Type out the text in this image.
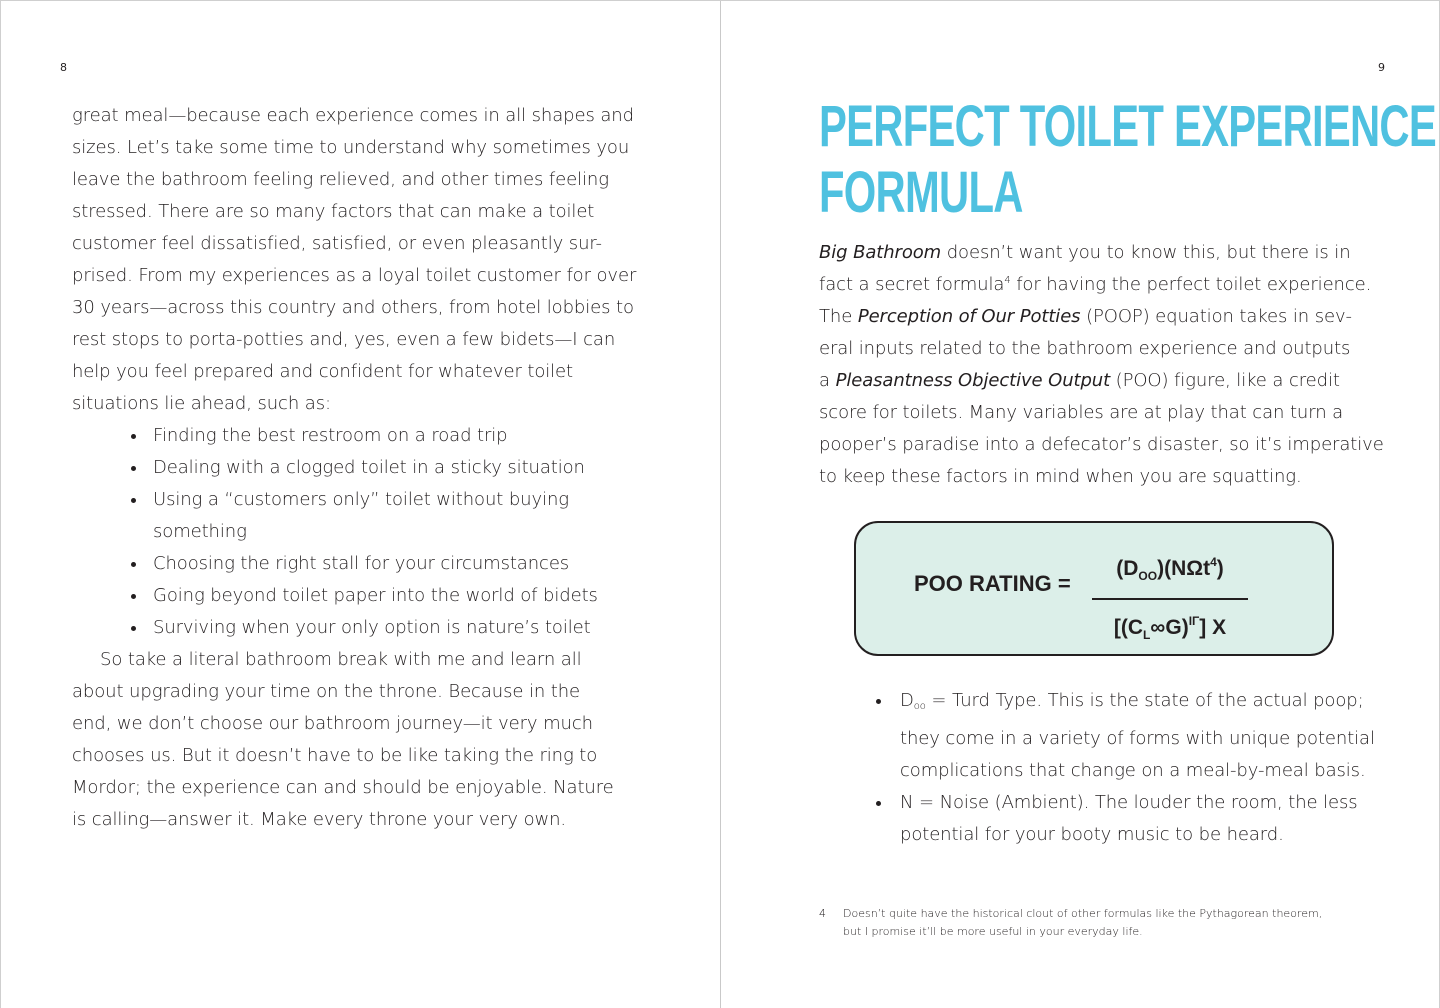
8

great meal—because each experience comes in all shapes and
sizes. Let’s take some time to understand why sometimes you
leave the bathroom feeling relieved, and other times feeling
stressed. There are so many factors that can make a toilet
customer feel dissatisfied, satisfied, or even pleasantly sur-
prised. From my experiences as a loyal toilet customer for over
30 years—across this country and others, from hotel lobbies to
rest stops to porta-potties and, yes, even a few bidets—I can
help you feel prepared and confident for whatever toilet
situations lie ahead, such as:

Finding the best restroom on a road trip
Dealing with a clogged toilet in a sticky situation
Using a “customers only” toilet without buying
something
Choosing the right stall for your circumstances
Going beyond toilet paper into the world of bidets
Surviving when your only option is nature’s toilet

So take a literal bathroom break with me and learn all
about upgrading your time on the throne. Because in the
end, we don’t choose our bathroom journey—it very much
chooses us. But it doesn’t have to be like taking the ring to
Mordor; the experience can and should be enjoyable. Nature
is calling—answer it. Make every throne your very own.

9
PERFECT TOILET EXPERIENCE
FORMULA

Big Bathroom doesn’t want you to know this, but there is in
fact a secret formula$^4$ for having the perfect toilet experience.
The Perception of Our Potties (POOP) equation takes in sev-
eral inputs related to the bathroom experience and outputs
a Pleasantness Objective Output (POO) figure, like a credit
score for toilets. Many variables are at play that can turn a
pooper’s paradise into a defecator’s disaster, so it’s imperative
to keep these factors in mind when you are squatting.

POO RATING =
$(D_{OO})(N\Omega t^4)$
$[(C_L\infty G)^{I\Gamma}]$ X
Doo = Turd Type. This is the state of the actual poop;
they come in a variety of forms with unique potential
complications that change on a meal-by-meal basis.
N = Noise (Ambient). The louder the room, the less
potential for your booty music to be heard.
4 Doesn’t quite have the historical clout of other formulas like the Pythagorean theorem,
but I promise it’ll be more useful in your everyday life.
